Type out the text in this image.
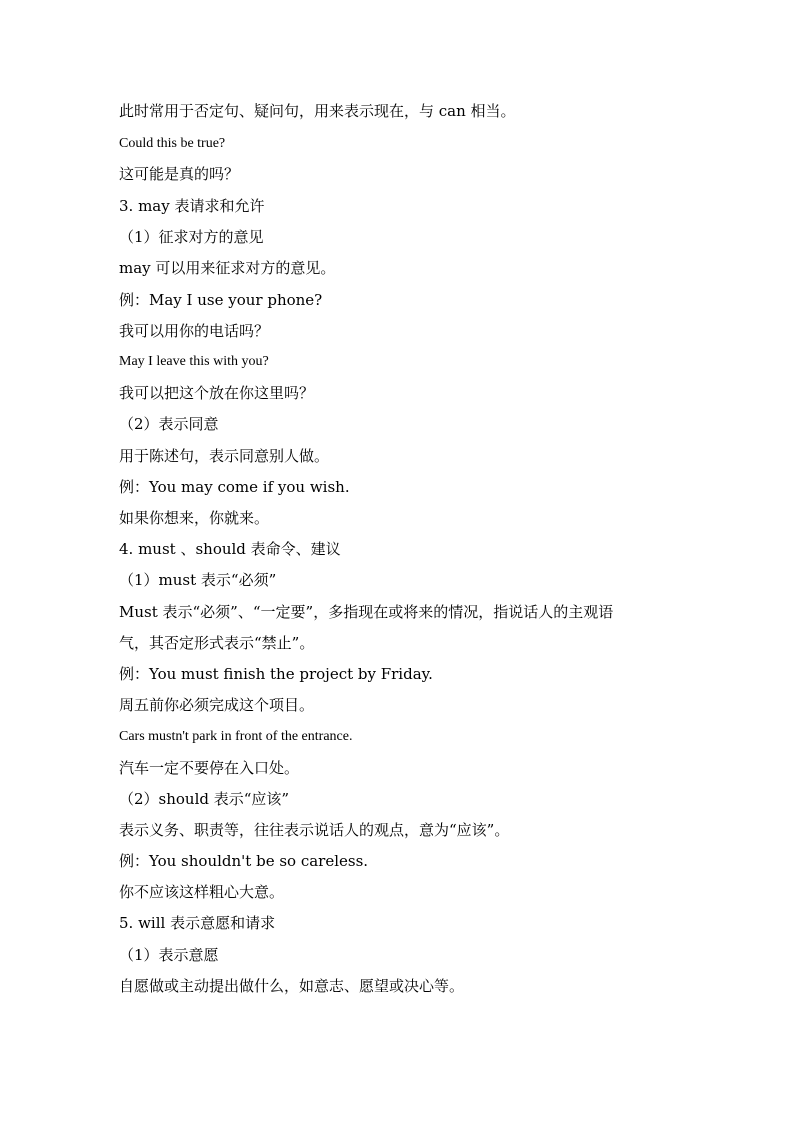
此时常用于否定句、疑问句，用来表示现在，与 can 相当。
Could this be true?
这可能是真的吗？
3. may 表请求和允许
（1）征求对方的意见
may 可以用来征求对方的意见。
例：May I use your phone?
我可以用你的电话吗？
May I leave this with you?
我可以把这个放在你这里吗？
（2）表示同意
用于陈述句，表示同意别人做。
例：You may come if you wish.
如果你想来，你就来。
4. must 、should 表命令、建议
（1）must 表示“必须”
Must 表示“必须”、“一定要”，多指现在或将来的情况，指说话人的主观语
气，其否定形式表示“禁止”。
例：You must finish the project by Friday.
周五前你必须完成这个项目。
Cars mustn't park in front of the entrance.
汽车一定不要停在入口处。
（2）should 表示“应该”
表示义务、职责等，往往表示说话人的观点，意为“应该”。
例：You shouldn't be so careless.
你不应该这样粗心大意。
5. will 表示意愿和请求
（1）表示意愿
自愿做或主动提出做什么，如意志、愿望或决心等。
